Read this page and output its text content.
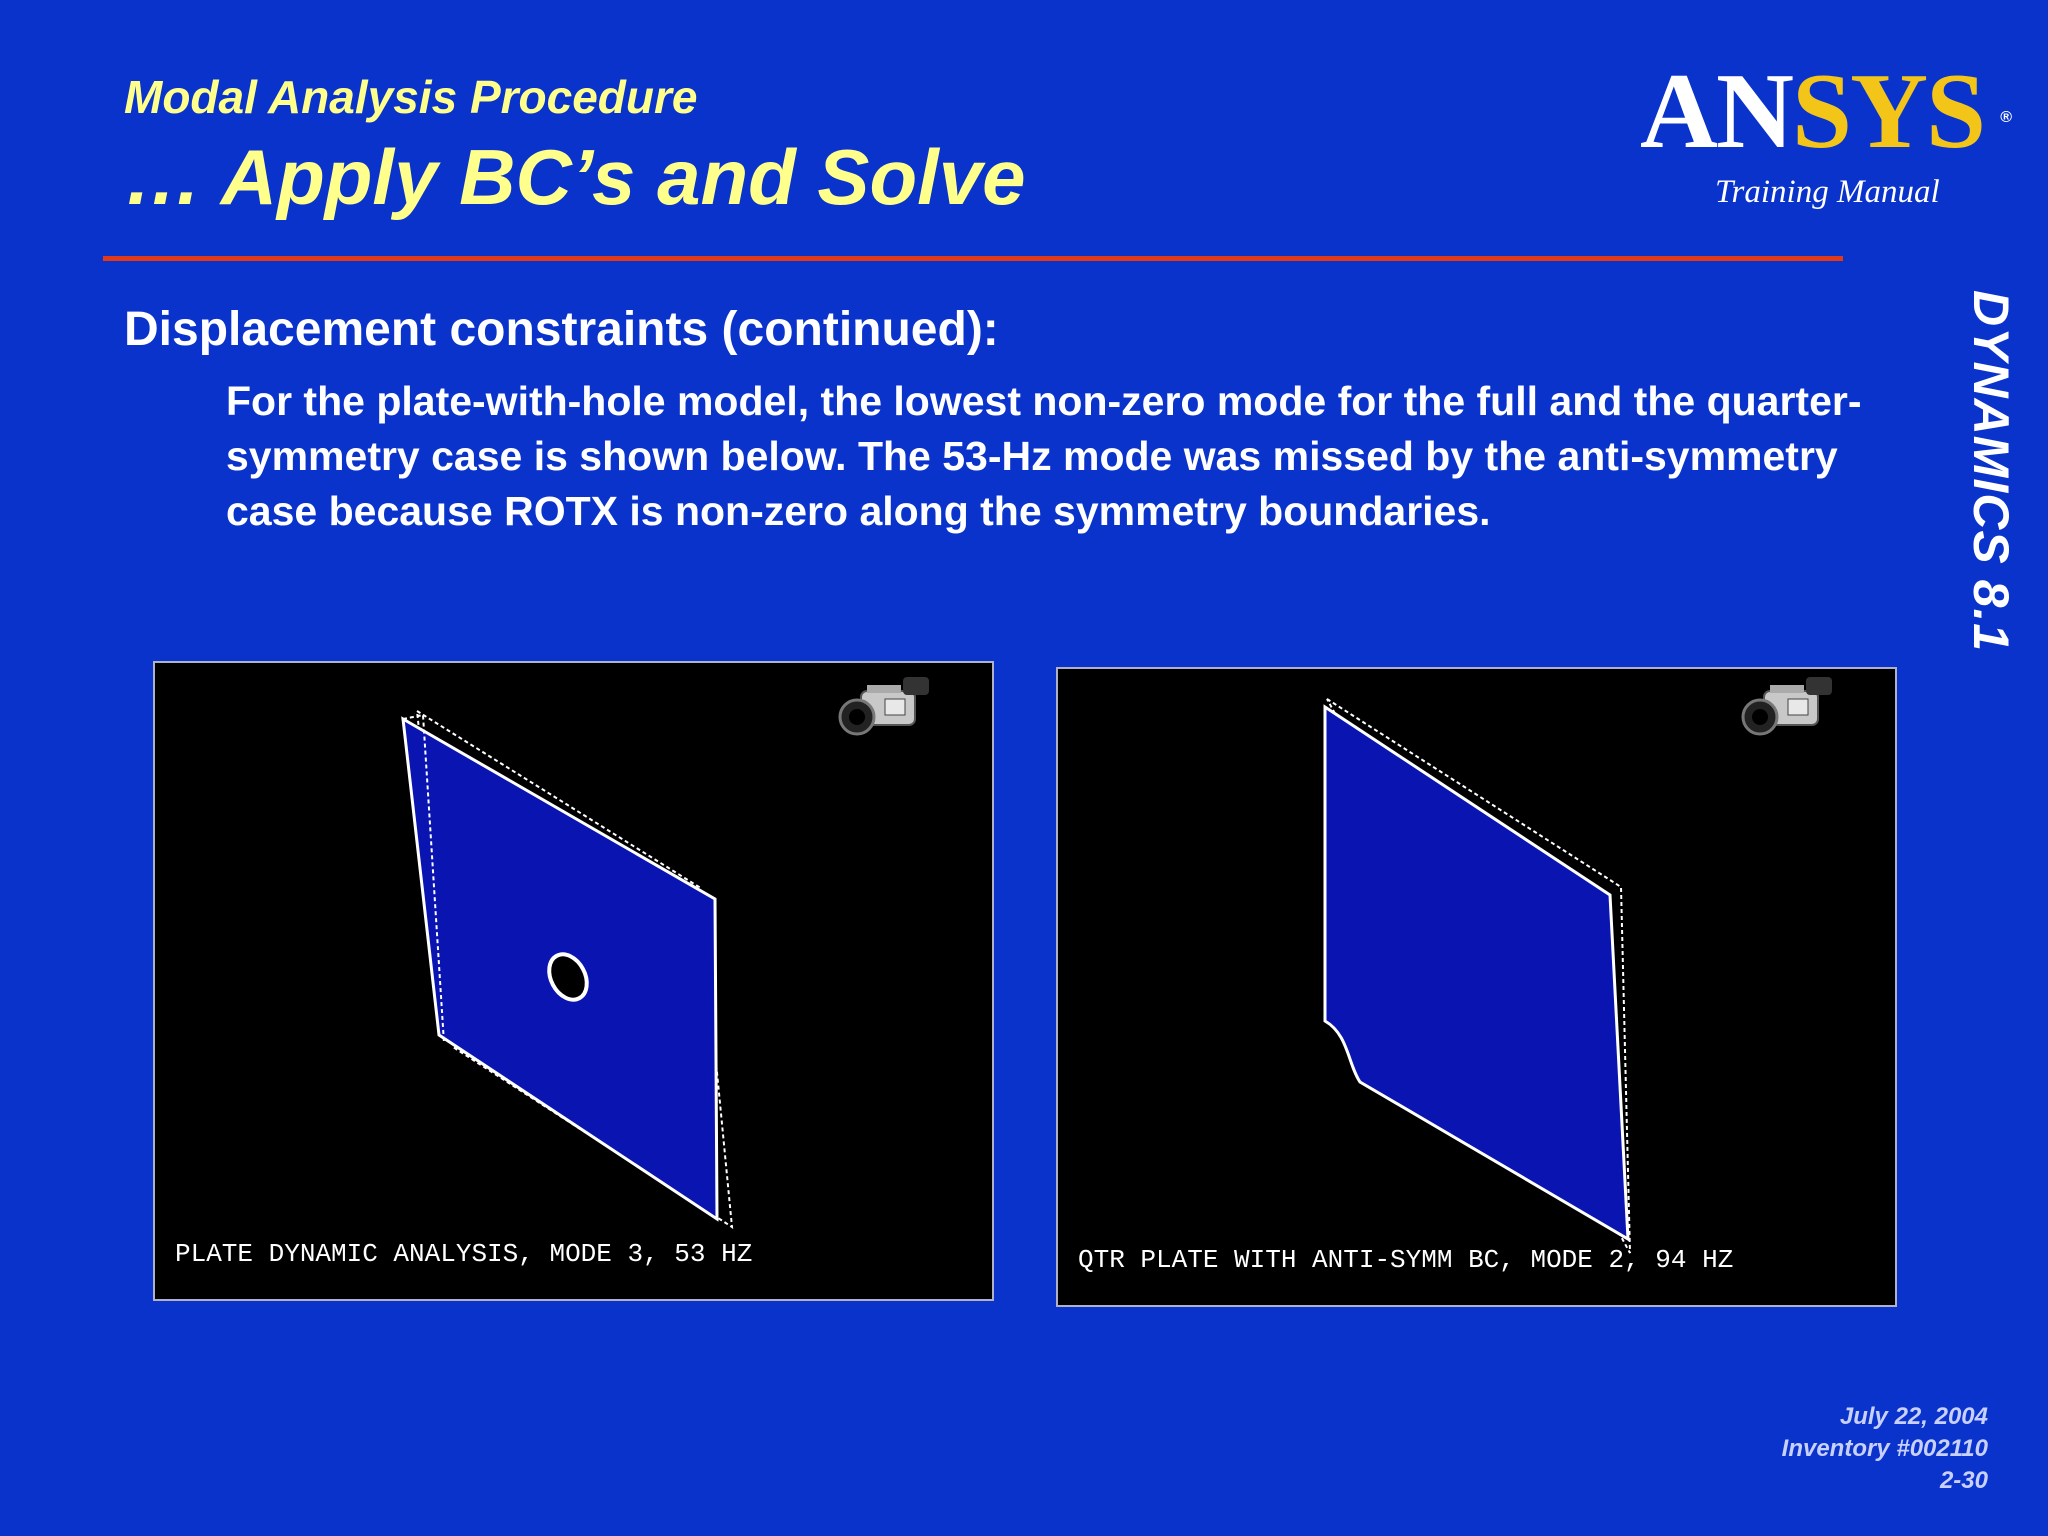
Modal Analysis Procedure
… Apply BC’s and Solve
ANSYS ®
Training Manual
DYNAMICS 8.1
Displacement constraints (continued):

For the plate-with-hole model, the lowest non-zero mode for the full and the quarter-symmetry case is shown below. The 53-Hz mode was missed by the anti-symmetry case because ROTX is non-zero along the symmetry boundaries.

PLATE DYNAMIC ANALYSIS, MODE 3, 53 HZ	QTR PLATE WITH ANTI-SYMM BC, MODE 2, 94 HZ
July 22, 2004
Inventory #002110
2-30
